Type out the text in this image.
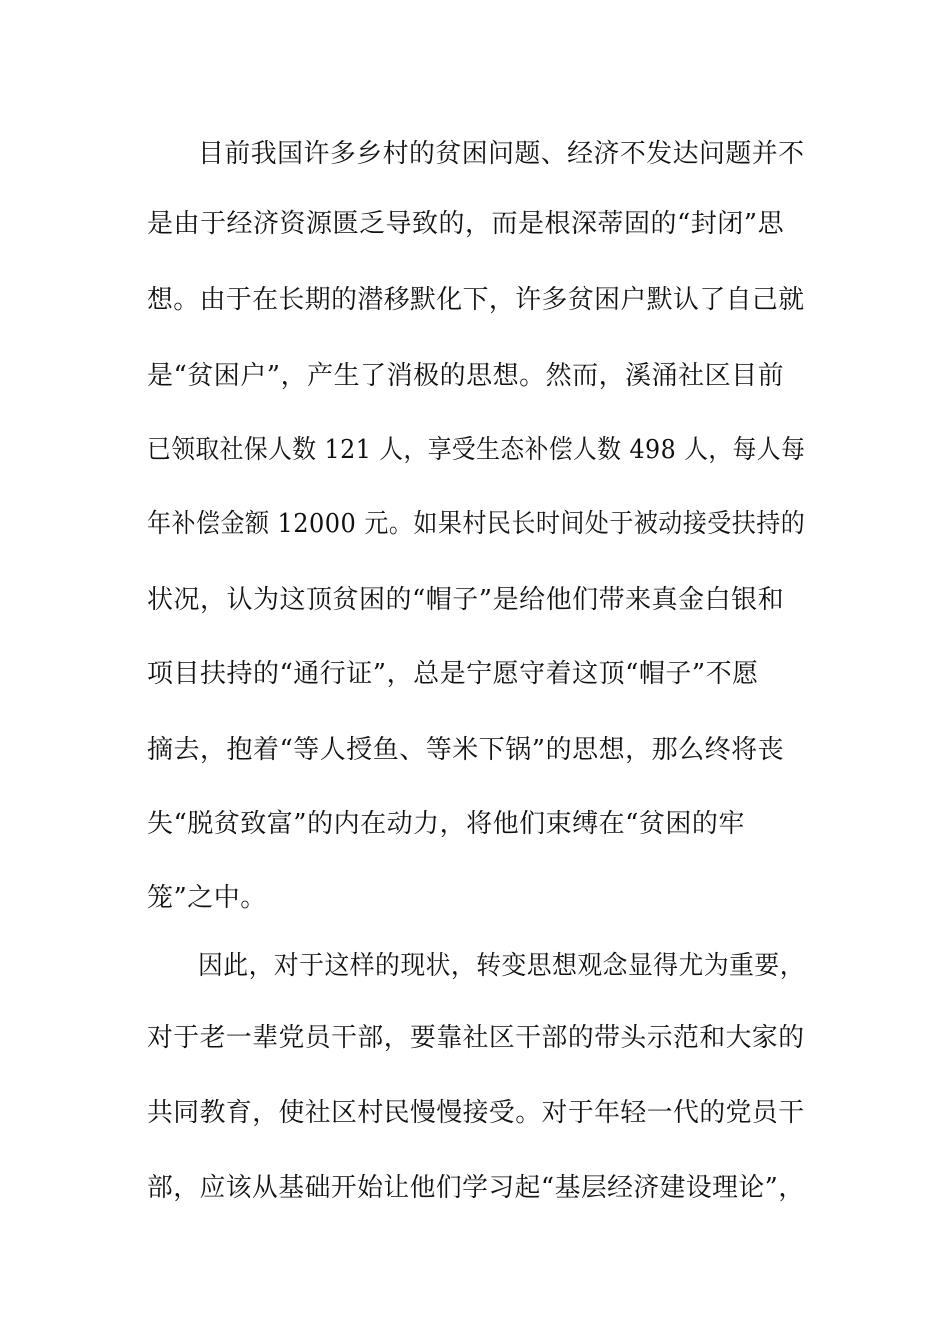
目前我国许多乡村的贫困问题、经济不发达问题并不
是由于经济资源匮乏导致的，而是根深蒂固的“封闭”思
想。由于在长期的潜移默化下，许多贫困户默认了自己就
是“贫困户”，产生了消极的思想。然而，溪涌社区目前
已领取社保人数 121 人，享受生态补偿人数 498 人，每人每
年补偿金额 12000 元。如果村民长时间处于被动接受扶持的
状况，认为这顶贫困的“帽子”是给他们带来真金白银和
项目扶持的“通行证”，总是宁愿守着这顶“帽子”不愿
摘去，抱着“等人授鱼、等米下锅”的思想，那么终将丧
失“脱贫致富”的内在动力，将他们束缚在“贫困的牢
笼”之中。
因此，对于这样的现状，转变思想观念显得尤为重要，
对于老一辈党员干部，要靠社区干部的带头示范和大家的
共同教育，使社区村民慢慢接受。对于年轻一代的党员干
部，应该从基础开始让他们学习起“基层经济建设理论”，
